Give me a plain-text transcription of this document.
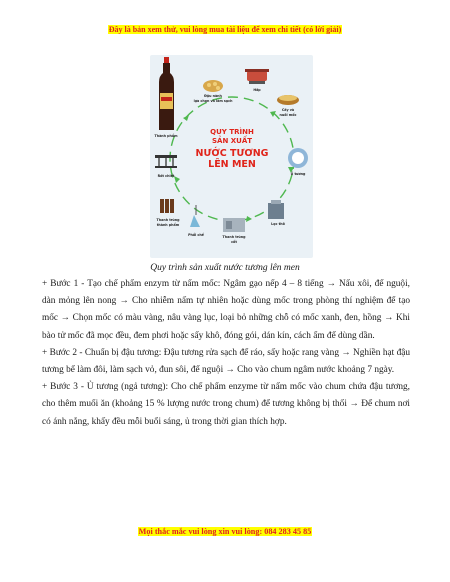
Đây là bản xem thử, vui lòng mua tài liệu để xem chi tiết (có lời giải)
QUY TRÌNH
SẢN XUẤT
NƯỚC TƯƠNG
LÊN MEN
Đậu nành
lựa chọn và làm sạch
Hấp
Cấy và
nuôi mốc
Ủ tương
Lọc thô
Thanh trùng
cốt
Phối chế
Thanh trùng
thành phẩm
Rót chiết
Thành phẩm
Quy trình sản xuất nước tương lên men

+ Bước 1 - Tạo chế phẩm enzym từ nấm mốc: Ngâm gạo nếp 4 – 8 tiếng → Nấu xôi, để nguội, dàn mỏng lên nong → Cho nhiễm nấm tự nhiên hoặc dùng mốc trong phòng thí nghiệm để tạo mốc → Chọn mốc có màu vàng, nâu vàng lục, loại bỏ những chỗ có mốc xanh, đen, hồng → Khi bào tử mốc đã mọc đều, đem phơi hoặc sấy khô, đóng gói, dán kín, cách ẩm để dùng dần.

+ Bước 2 - Chuẩn bị đậu tương: Đậu tương rửa sạch để ráo, sấy hoặc rang vàng → Nghiền hạt đậu tương bể làm đôi, làm sạch vỏ, đun sôi, để nguội → Cho vào chum ngâm nước khoảng 7 ngày.

+ Bước 3 - Ủ tương (ngả tương): Cho chế phẩm enzyme từ nấm mốc vào chum chứa đậu tương, cho thêm muối ăn (khoảng 15 % lượng nước trong chum) để tương không bị thối → Để chum nơi có ánh nắng, khấy đều mỗi buổi sáng, ủ trong thời gian thích hợp.

Mọi thắc mắc vui lòng xin vui lòng: 084 283 45 85
